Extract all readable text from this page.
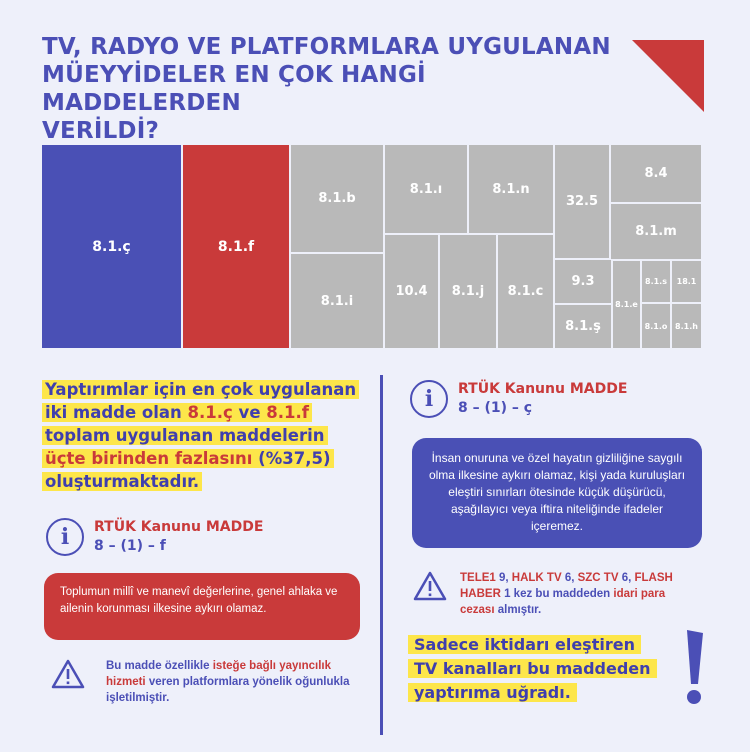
TV, RADYO VE PLATFORMLARA UYGULANAN
MÜEYYİDELER EN ÇOK HANGİ MADDELERDEN
VERİLDİ?
8.1.ç	8.1.f
8.1.b
8.1.i
8.1.ı	8.1.n
10.4 8.1.j 8.1.c
32.5
8.4
8.1.m
9.3
8.1.ş
8.1.e
8.1.s 18.1
8.1.o 8.1.h
Yaptırımlar için en çok uygulanan
iki madde olan 8.1.ç ve 8.1.f
toplam uygulanan maddelerin
üçte birinden fazlasını (%37,5)
oluşturmaktadır.
i	RTÜK Kanunu MADDE
8 – (1) – f
Toplumun millî ve manevî değerlerine, genel ahlaka ve ailenin korunması ilkesine aykırı olamaz.
Bu madde özellikle isteğe bağlı yayıncılık hizmeti veren platformlara yönelik oğunlukla işletilmiştir.
i	RTÜK Kanunu MADDE
8 – (1) – ç
İnsan onuruna ve özel hayatın gizliliğine saygılı olma ilkesine aykırı olamaz, kişi yada kuruluşları eleştiri sınırları ötesinde küçük düşürücü, aşağılayıcı veya iftira niteliğinde ifadeler içeremez.
TELE1 9, HALK TV 6, SZC TV 6, FLASH HABER 1 kez bu maddeden idari para cezası almıştır.
Sadece iktidarı eleştiren
TV kanalları bu maddeden
yaptırıma uğradı.
